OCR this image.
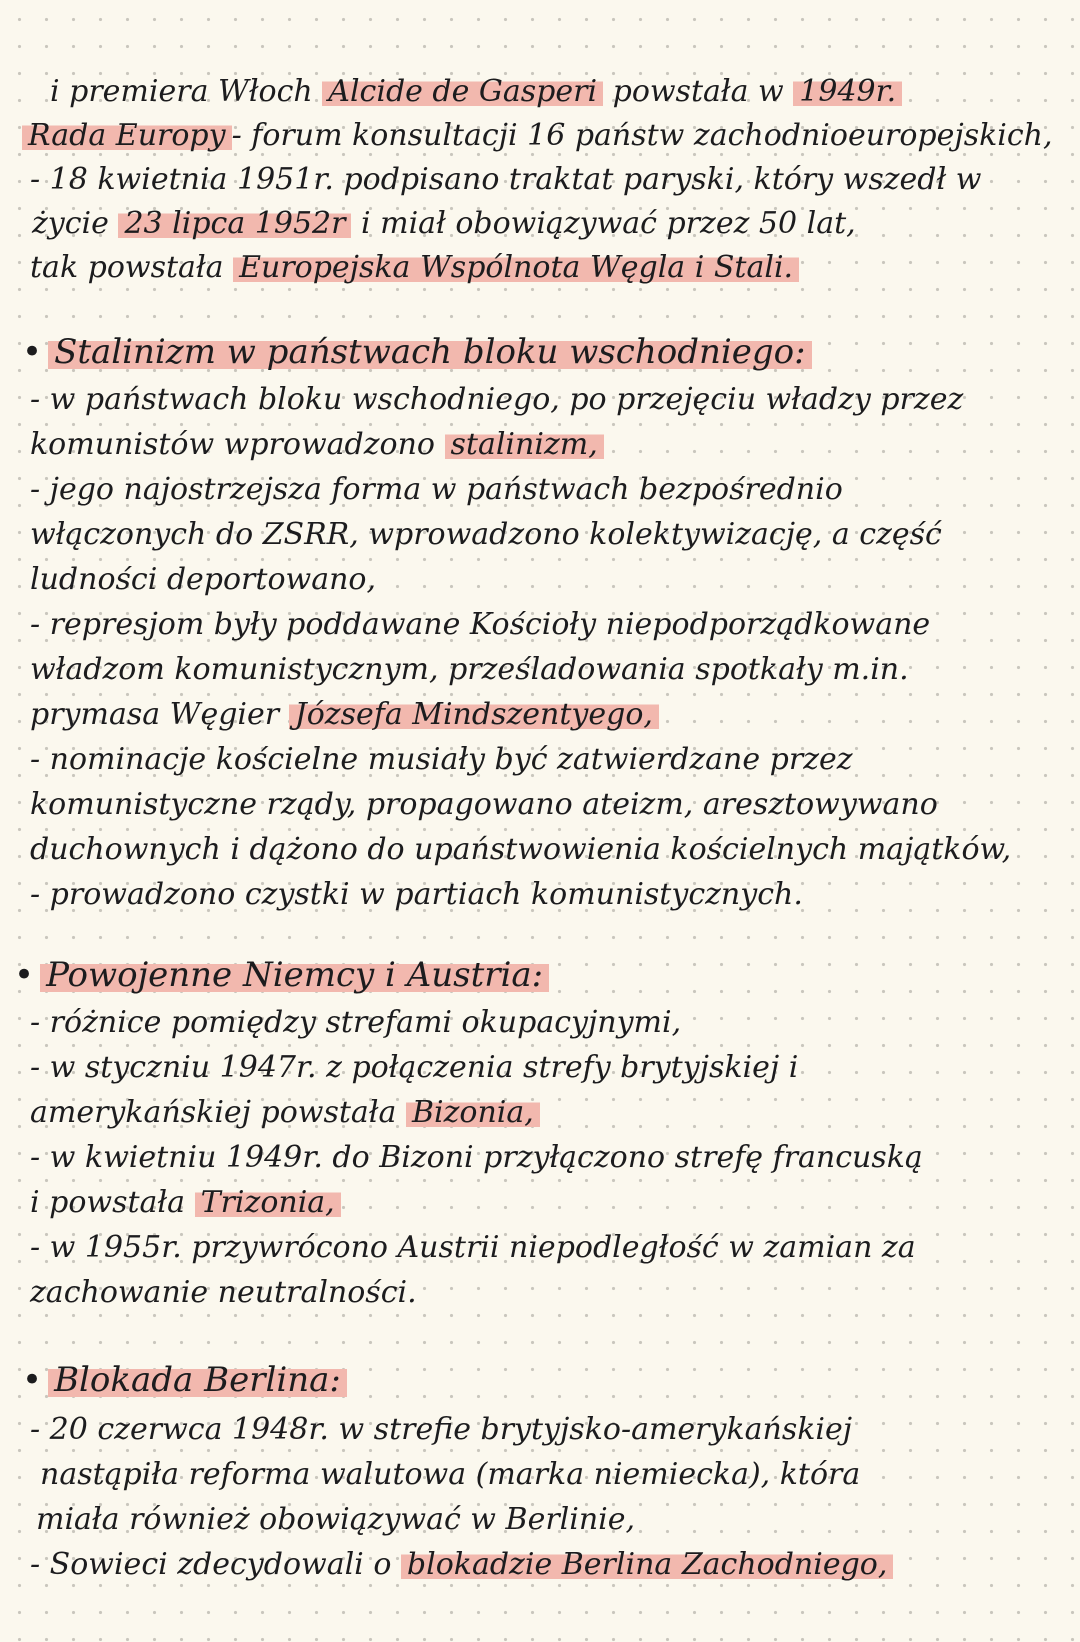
i premiera Włoch Alcide de Gasperi powstała w 1949r.
Rada Europy - forum konsultacji 16 państw zachodnioeuropejskich,
- 18 kwietnia 1951r. podpisano traktat paryski, który wszedł w
życie 23 lipca 1952r i miał obowiązywać przez 50 lat,
tak powstała Europejska Wspólnota Węgla i Stali.
• Stalinizm w państwach bloku wschodniego:
- w państwach bloku wschodniego, po przejęciu władzy przez
komunistów wprowadzono stalinizm,
- jego najostrzejsza forma w państwach bezpośrednio
włączonych do ZSRR, wprowadzono kolektywizację, a część
ludności deportowano,
- represjom były poddawane Kościoły niepodporządkowane
władzom komunistycznym, prześladowania spotkały m.in.
prymasa Węgier Józsefa Mindszentyego,
- nominacje kościelne musiały być zatwierdzane przez
komunistyczne rządy, propagowano ateizm, aresztowywano
duchownych i dążono do upaństwowienia kościelnych majątków,
- prowadzono czystki w partiach komunistycznych.
• Powojenne Niemcy i Austria:
- różnice pomiędzy strefami okupacyjnymi,
- w styczniu 1947r. z połączenia strefy brytyjskiej i
amerykańskiej powstała Bizonia,
- w kwietniu 1949r. do Bizoni przyłączono strefę francuską
i powstała Trizonia,
- w 1955r. przywrócono Austrii niepodległość w zamian za
zachowanie neutralności.
• Blokada Berlina:
- 20 czerwca 1948r. w strefie brytyjsko-amerykańskiej
nastąpiła reforma walutowa (marka niemiecka), która
miała również obowiązywać w Berlinie,
- Sowieci zdecydowali o blokadzie Berlina Zachodniego,
